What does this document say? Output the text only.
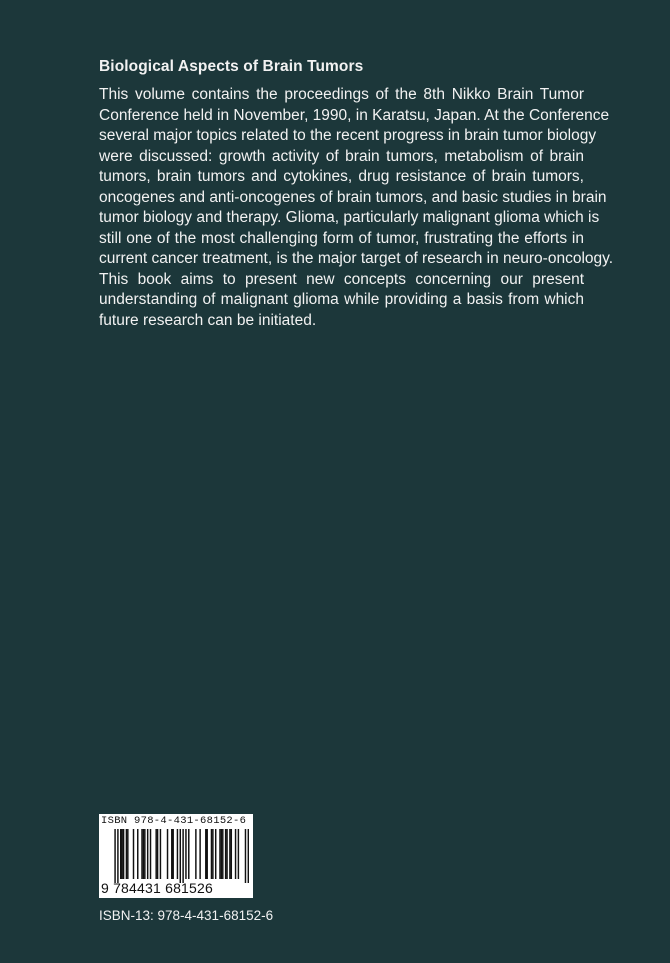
Biological Aspects of Brain Tumors
This volume contains the proceedings of the 8th Nikko Brain Tumor
Conference held in November, 1990, in Karatsu, Japan. At the Conference
several major topics related to the recent progress in brain tumor biology
were discussed: growth activity of brain tumors, metabolism of brain
tumors, brain tumors and cytokines, drug resistance of brain tumors,
oncogenes and anti-oncogenes of brain tumors, and basic studies in brain
tumor biology and therapy. Glioma, particularly malignant glioma which is
still one of the most challenging form of tumor, frustrating the efforts in
current cancer treatment, is the major target of research in neuro-oncology.
This book aims to present new concepts concerning our present
understanding of malignant glioma while providing a basis from which
future research can be initiated.
ISBN 978-4-431-68152-6
9 784431 681526
ISBN-13: 978-4-431-68152-6
